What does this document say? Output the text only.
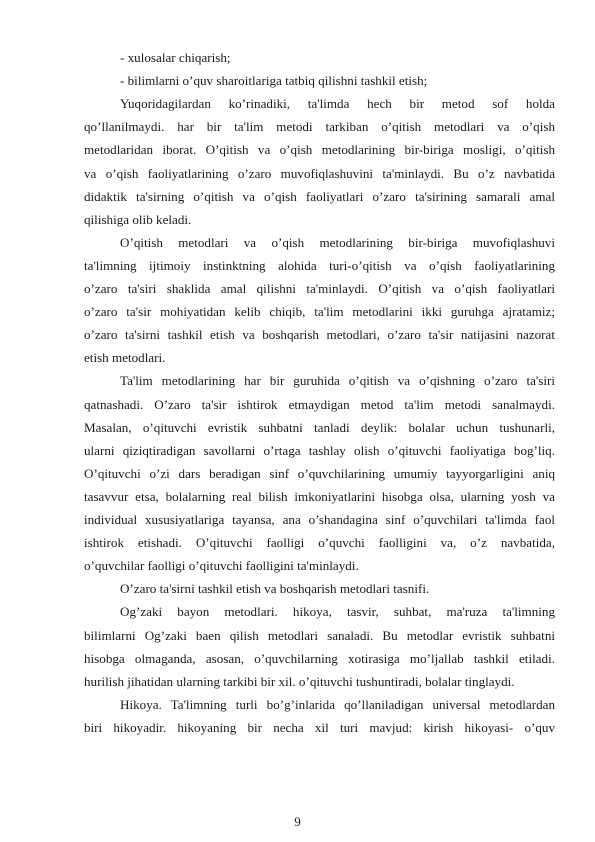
- xulosalar chiqarish;
- bilimlarni o’quv sharoitlariga tatbiq qilishni tashkil etish;
Yuqoridagilardan ko’rinadiki, ta'limda hech bir metod sof holda
qo’llanilmaydi. har bir ta'lim metodi tarkiban o’qitish metodlari va o’qish
metodlaridan iborat. O’qitish va o’qish metodlarining bir-biriga mosligi, o’qitish
va o’qish faoliyatlarining o’zaro muvofiqlashuvini ta'minlaydi. Bu o’z navbatida
didaktik ta'sirning o’qitish va o’qish faoliyatlari o’zaro ta'sirining samarali amal
qilishiga olib keladi.
O’qitish metodlari va o’qish metodlarining bir-biriga muvofiqlashuvi
ta'limning ijtimoiy instinktning alohida turi-o’qitish va o’qish faoliyatlarining
o’zaro ta'siri shaklida amal qilishni ta'minlaydi. O’qitish va o’qish faoliyatlari
o’zaro ta'sir mohiyatidan kelib chiqib, ta'lim metodlarini ikki guruhga ajratamiz;
o’zaro ta'sirni tashkil etish va boshqarish metodlari, o’zaro ta'sir natijasini nazorat
etish metodlari.
Ta'lim metodlarining har bir guruhida o’qitish va o’qishning o’zaro ta'siri
qatnashadi. O’zaro ta'sir ishtirok etmaydigan metod ta'lim metodi sanalmaydi.
Masalan, o’qituvchi evristik suhbatni tanladi deylik: bolalar uchun tushunarli,
ularni qiziqtiradigan savollarni o’rtaga tashlay olish o’qituvchi faoliyatiga bog’liq.
O’qituvchi o’zi dars beradigan sinf o’quvchilarining umumiy tayyorgarligini aniq
tasavvur etsa, bolalarning real bilish imkoniyatlarini hisobga olsa, ularning yosh va
individual xususiyatlariga tayansa, ana o’shandagina sinf o’quvchilari ta'limda faol
ishtirok etishadi. O’qituvchi faolligi o’quvchi faolligini va, o’z navbatida,
o’quvchilar faolligi o’qituvchi faolligini ta'minlaydi.
O’zaro ta'sirni tashkil etish va boshqarish metodlari tasnifi.
Og’zaki bayon metodlari. hikoya, tasvir, suhbat, ma'ruza ta'limning
bilimlarni Og’zaki baen qilish metodlari sanaladi. Bu metodlar evristik suhbatni
hisobga olmaganda, asosan, o’quvchilarning xotirasiga mo’ljallab tashkil etiladi.
hurilish jihatidan ularning tarkibi bir xil. o’qituvchi tushuntiradi, bolalar tinglaydi.
Hikoya. Ta'limning turli bo’g’inlarida qo’llaniladigan universal metodlardan
biri hikoyadir. hikoyaning bir necha xil turi mavjud: kirish hikoyasi- o’quv
9
